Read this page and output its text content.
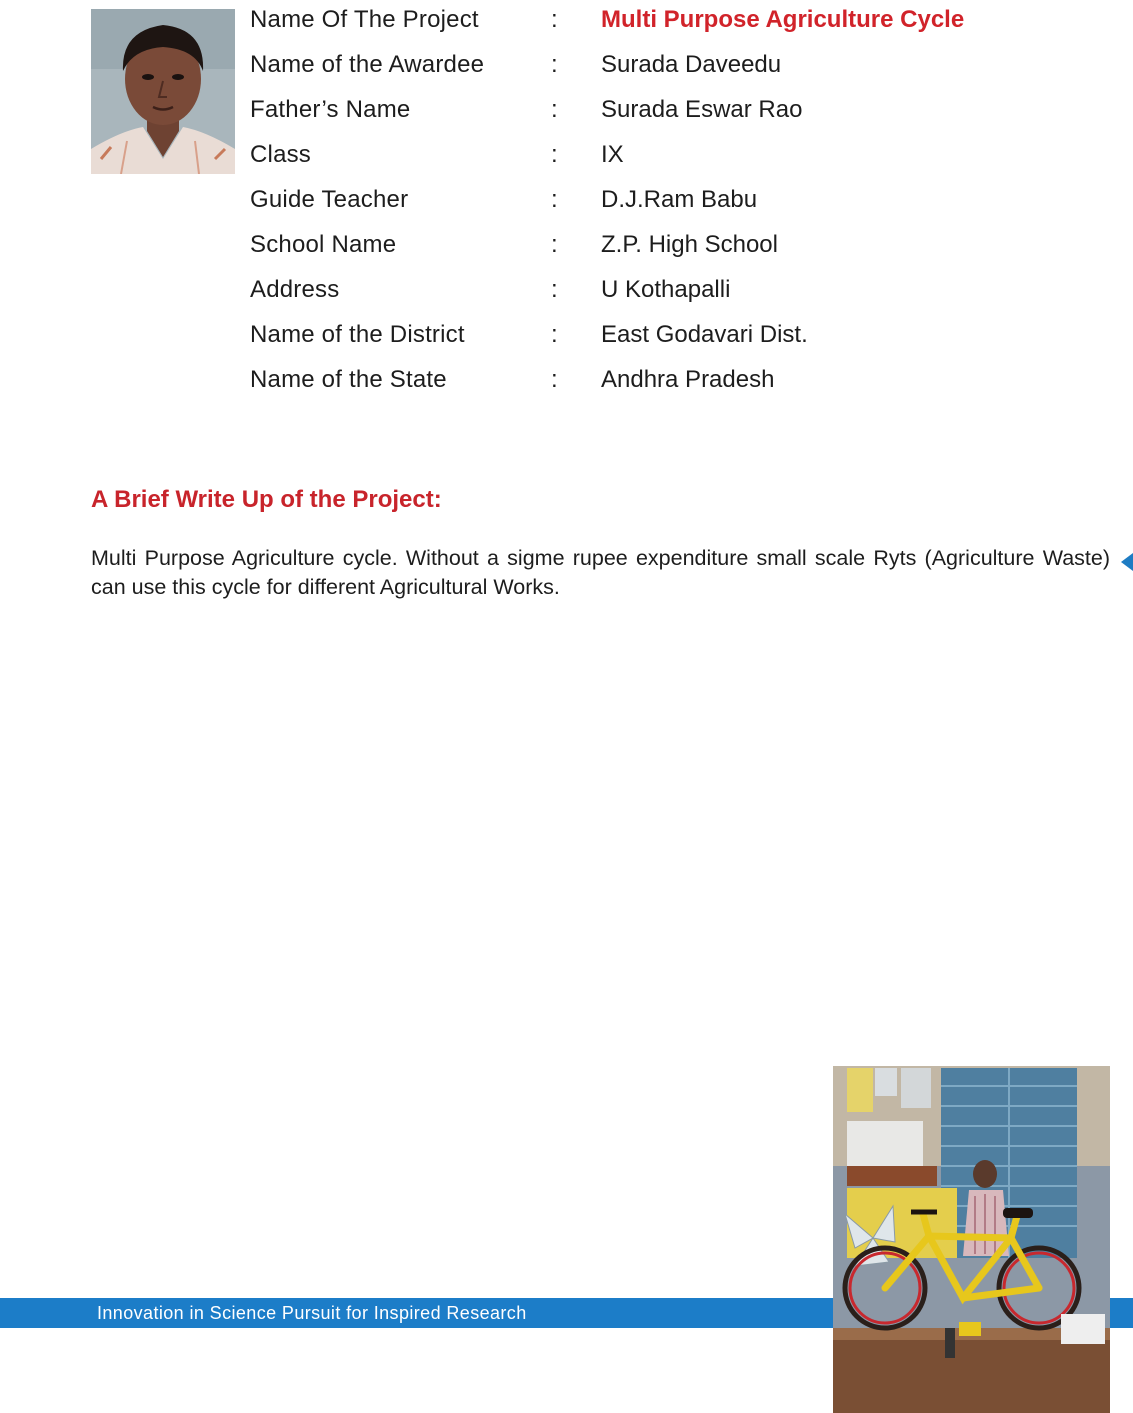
Name Of The Project	: Multi Purpose Agriculture Cycle
Name of the Awardee	: Surada Daveedu
Father’s Name	: Surada Eswar Rao
Class	: IX
Guide Teacher	: D.J.Ram Babu
School Name	: Z.P. High School
Address	: U Kothapalli
Name of the District	: East Godavari Dist.
Name of the State	: Andhra Pradesh
A Brief Write Up of the Project:

Multi Purpose Agriculture cycle. Without a sigme rupee expenditure small scale Ryts (Agriculture Waste) can use this cycle for different Agricultural Works.

Innovation in Science Pursuit for Inspired Research
